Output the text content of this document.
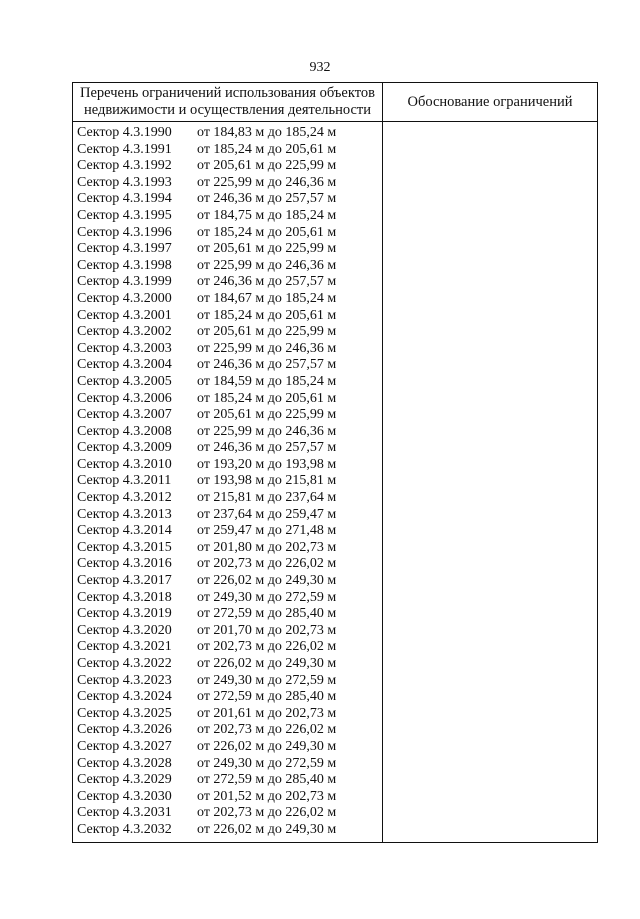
932
Перечень ограничений использования объектов
недвижимости и осуществления деятельности
Обоснование ограничений
Сектор 4.3.1990	от 184,83 м до 185,24 м
Сектор 4.3.1991	от 185,24 м до 205,61 м
Сектор 4.3.1992	от 205,61 м до 225,99 м
Сектор 4.3.1993	от 225,99 м до 246,36 м
Сектор 4.3.1994	от 246,36 м до 257,57 м
Сектор 4.3.1995	от 184,75 м до 185,24 м
Сектор 4.3.1996	от 185,24 м до 205,61 м
Сектор 4.3.1997	от 205,61 м до 225,99 м
Сектор 4.3.1998	от 225,99 м до 246,36 м
Сектор 4.3.1999	от 246,36 м до 257,57 м
Сектор 4.3.2000	от 184,67 м до 185,24 м
Сектор 4.3.2001	от 185,24 м до 205,61 м
Сектор 4.3.2002	от 205,61 м до 225,99 м
Сектор 4.3.2003	от 225,99 м до 246,36 м
Сектор 4.3.2004	от 246,36 м до 257,57 м
Сектор 4.3.2005	от 184,59 м до 185,24 м
Сектор 4.3.2006	от 185,24 м до 205,61 м
Сектор 4.3.2007	от 205,61 м до 225,99 м
Сектор 4.3.2008	от 225,99 м до 246,36 м
Сектор 4.3.2009	от 246,36 м до 257,57 м
Сектор 4.3.2010	от 193,20 м до 193,98 м
Сектор 4.3.2011	от 193,98 м до 215,81 м
Сектор 4.3.2012	от 215,81 м до 237,64 м
Сектор 4.3.2013	от 237,64 м до 259,47 м
Сектор 4.3.2014	от 259,47 м до 271,48 м
Сектор 4.3.2015	от 201,80 м до 202,73 м
Сектор 4.3.2016	от 202,73 м до 226,02 м
Сектор 4.3.2017	от 226,02 м до 249,30 м
Сектор 4.3.2018	от 249,30 м до 272,59 м
Сектор 4.3.2019	от 272,59 м до 285,40 м
Сектор 4.3.2020	от 201,70 м до 202,73 м
Сектор 4.3.2021	от 202,73 м до 226,02 м
Сектор 4.3.2022	от 226,02 м до 249,30 м
Сектор 4.3.2023	от 249,30 м до 272,59 м
Сектор 4.3.2024	от 272,59 м до 285,40 м
Сектор 4.3.2025	от 201,61 м до 202,73 м
Сектор 4.3.2026	от 202,73 м до 226,02 м
Сектор 4.3.2027	от 226,02 м до 249,30 м
Сектор 4.3.2028	от 249,30 м до 272,59 м
Сектор 4.3.2029	от 272,59 м до 285,40 м
Сектор 4.3.2030	от 201,52 м до 202,73 м
Сектор 4.3.2031	от 202,73 м до 226,02 м
Сектор 4.3.2032	от 226,02 м до 249,30 м
